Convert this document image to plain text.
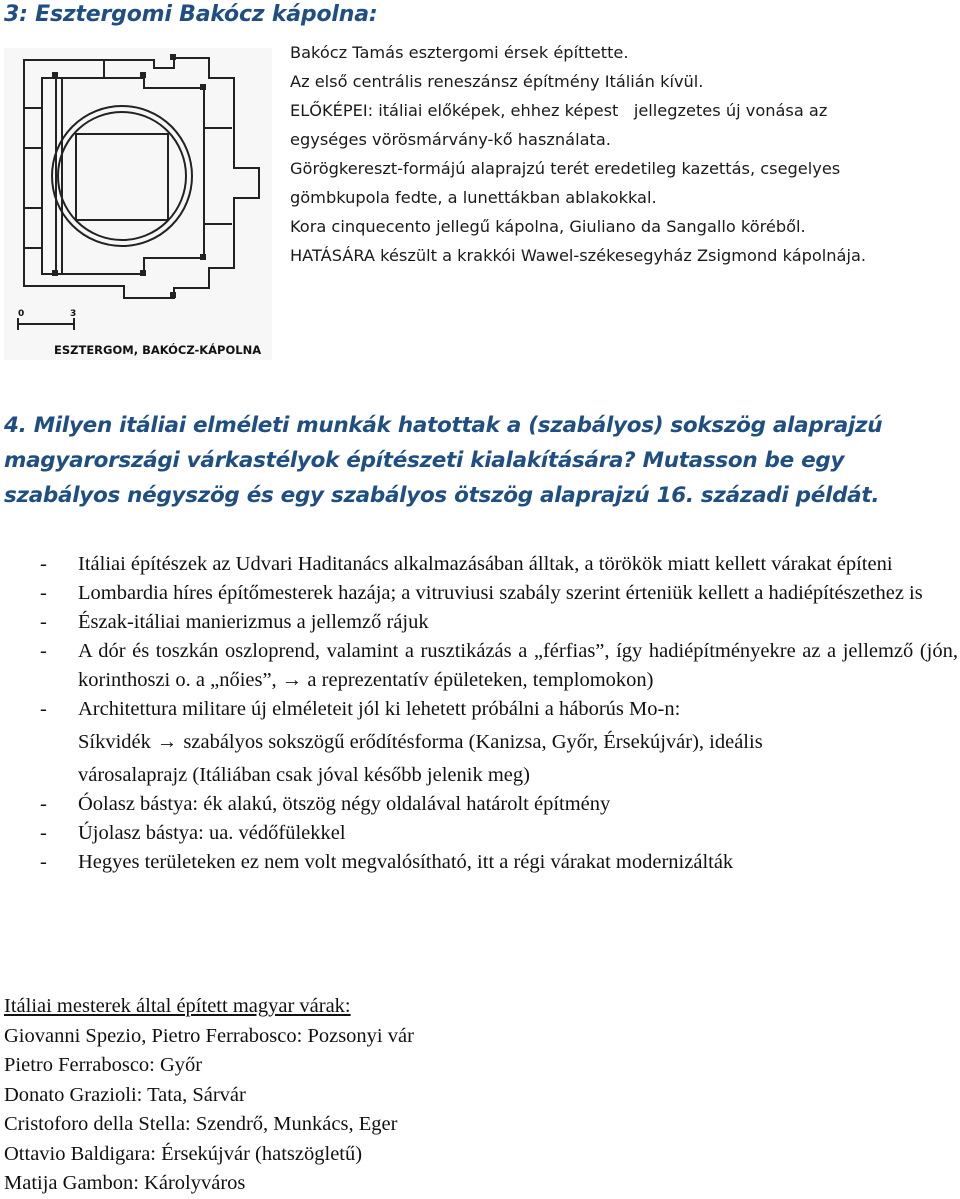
3: Esztergomi Bakócz kápolna:
0	3
ESZTERGOM, BAKÓCZ-KÁPOLNA
Bakócz Tamás esztergomi érsek építtette.
Az első centrális reneszánsz építmény Itálián kívül.
ELŐKÉPEI: itáliai előképek, ehhez képest   jellegzetes új vonása az
egységes vörösmárvány-kő használata.
Görögkereszt-formájú alaprajzú terét eredetileg kazettás, csegelyes
gömbkupola fedte, a lunettákban ablakokkal.
Kora cinquecento jellegű kápolna, Giuliano da Sangallo köréből.
HATÁSÁRA készült a krakkói Wawel-székesegyház Zsigmond kápolnája.
4. Milyen itáliai elméleti munkák hatottak a (szabályos) sokszög alaprajzú magyarországi várkastélyok építészeti kialakítására? Mutasson be egy szabályos négyszög és egy szabályos ötszög alaprajzú 16. századi példát.
- Itáliai építészek az Udvari Haditanács alkalmazásában álltak, a törökök miatt kellett várakat építeni
- Lombardia híres építőmesterek hazája; a vitruviusi szabály szerint érteniük kellett a hadiépítészethez is
- Észak-itáliai manierizmus a jellemző rájuk
- A dór és toszkán oszloprend, valamint a rusztikázás a „férfias”, így hadiépítményekre az a jellemző (jón, korinthoszi o. a „nőies”, → a reprezentatív épületeken, templomokon)
- Architettura militare új elméleteit jól ki lehetett próbálni a háborús Mo-n:
Síkvidék → szabályos sokszögű erődítésforma (Kanizsa, Győr, Érsekújvár), ideális
városalaprajz (Itáliában csak jóval később jelenik meg)
- Óolasz bástya: ék alakú, ötszög négy oldalával határolt építmény
- Újolasz bástya: ua. védőfülekkel
- Hegyes területeken ez nem volt megvalósítható, itt a régi várakat modernizálták
Itáliai mesterek által épített magyar várak:
Giovanni Spezio, Pietro Ferrabosco: Pozsonyi vár
Pietro Ferrabosco: Győr
Donato Grazioli: Tata, Sárvár
Cristoforo della Stella: Szendrő, Munkács, Eger
Ottavio Baldigara: Érsekújvár (hatszögletű)
Matija Gambon: Károlyváros
